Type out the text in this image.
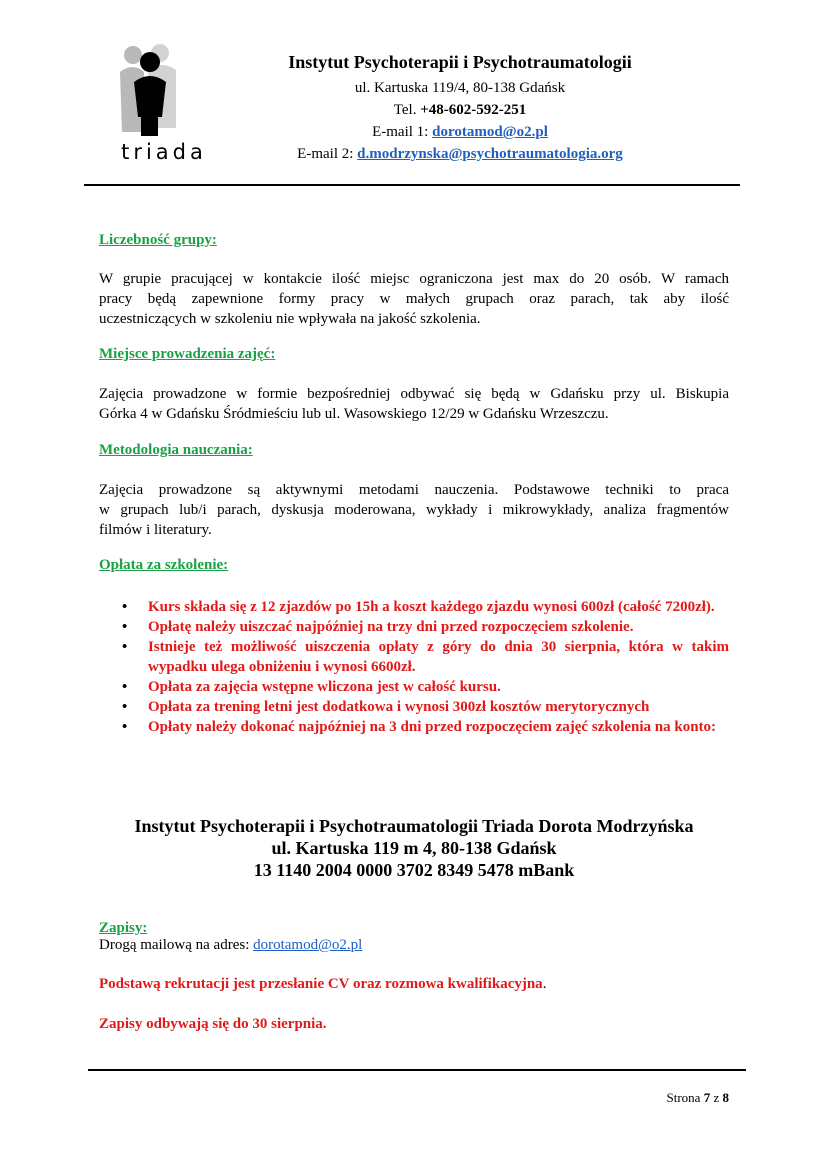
triada
Instytut Psychoterapii i Psychotraumatologii
ul. Kartuska 119/4, 80-138 Gdańsk
Tel. +48-602-592-251
E-mail 1: dorotamod@o2.pl
E-mail 2: d.modrzynska@psychotraumatologia.org
Liczebność grupy:
W grupie pracującej w kontakcie ilość miejsc ograniczona jest max do 20 osób. W ramach
pracy będą zapewnione formy pracy w małych grupach oraz parach, tak aby ilość
uczestniczących w szkoleniu nie wpływała na jakość szkolenia.
Miejsce prowadzenia zajęć:
Zajęcia prowadzone w formie bezpośredniej odbywać się będą w Gdańsku przy ul. Biskupia
Górka 4 w Gdańsku Śródmieściu lub ul. Wasowskiego 12/29 w Gdańsku Wrzeszczu.
Metodologia nauczania:
Zajęcia prowadzone są aktywnymi metodami nauczenia. Podstawowe techniki to praca
w grupach lub/i parach, dyskusja moderowana, wykłady i mikrowykłady, analiza fragmentów
filmów i literatury.
Opłata za szkolenie:
• Kurs składa się z 12 zjazdów po 15h a koszt każdego zjazdu wynosi 600zł (całość 7200zł).
• Opłatę należy uiszczać najpóźniej na trzy dni przed rozpoczęciem szkolenie.
• Istnieje też możliwość uiszczenia opłaty z góry do dnia 30 sierpnia, która w takim wypadku ulega obniżeniu i wynosi 6600zł.
• Opłata za zajęcia wstępne wliczona jest w całość kursu.
• Opłata za trening letni jest dodatkowa i wynosi 300zł kosztów merytorycznych
• Opłaty należy dokonać najpóźniej na 3 dni przed rozpoczęciem zajęć szkolenia na konto:
Instytut Psychoterapii i Psychotraumatologii Triada Dorota Modrzyńska
ul. Kartuska 119 m 4, 80-138 Gdańsk
13 1140 2004 0000 3702 8349 5478 mBank
Zapisy:
Drogą mailową na adres: dorotamod@o2.pl
Podstawą rekrutacji jest przesłanie CV oraz rozmowa kwalifikacyjna.
Zapisy odbywają się do 30 sierpnia.
Strona 7 z 8
